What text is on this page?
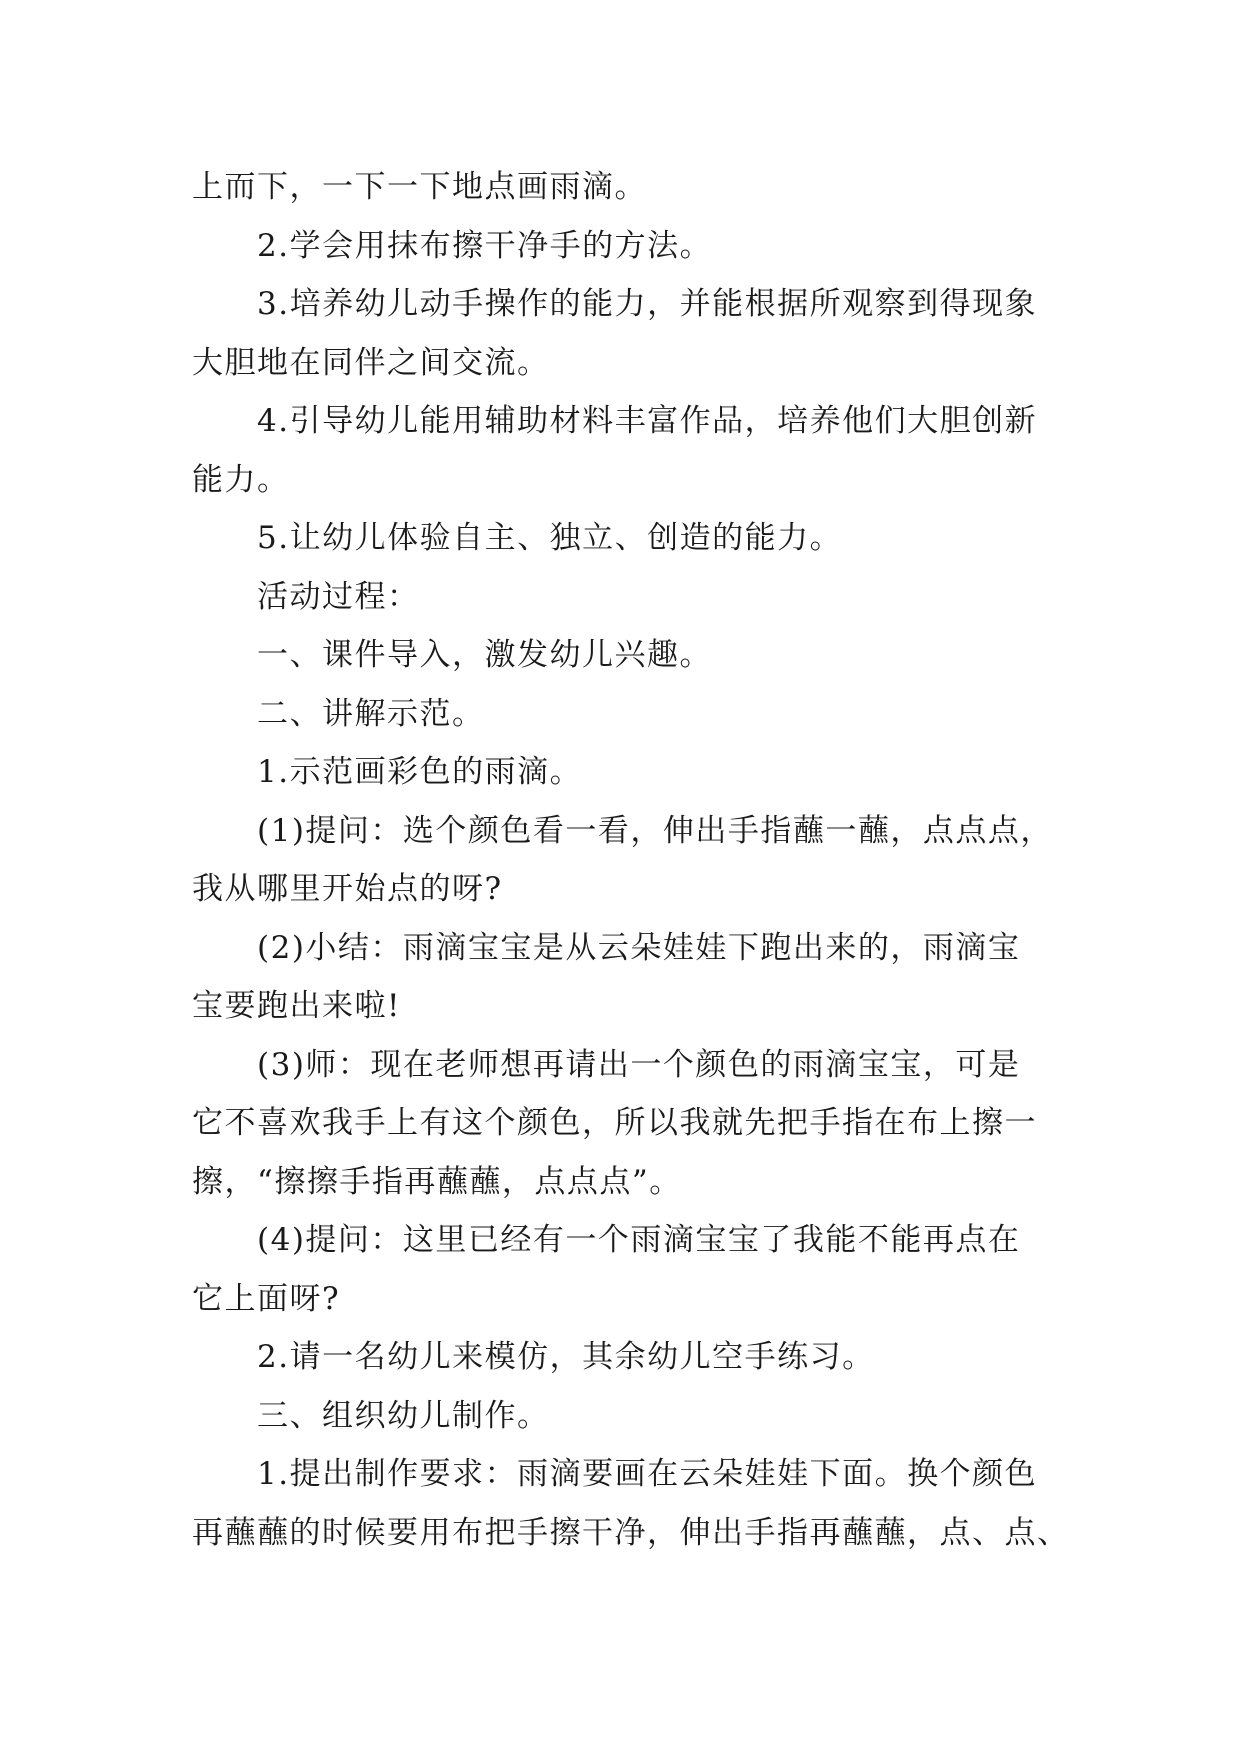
上而下，一下一下地点画雨滴。
2.学会用抹布擦干净手的方法。
3.培养幼儿动手操作的能力，并能根据所观察到得现象
大胆地在同伴之间交流。
4.引导幼儿能用辅助材料丰富作品，培养他们大胆创新
能力。
5.让幼儿体验自主、独立、创造的能力。
活动过程：
一、课件导入，激发幼儿兴趣。
二、讲解示范。
1.示范画彩色的雨滴。
(1)提问：选个颜色看一看，伸出手指蘸一蘸，点点点，
我从哪里开始点的呀?
(2)小结：雨滴宝宝是从云朵娃娃下跑出来的，雨滴宝
宝要跑出来啦!
(3)师：现在老师想再请出一个颜色的雨滴宝宝，可是
它不喜欢我手上有这个颜色，所以我就先把手指在布上擦一
擦，“擦擦手指再蘸蘸，点点点”。
(4)提问：这里已经有一个雨滴宝宝了我能不能再点在
它上面呀?
2.请一名幼儿来模仿，其余幼儿空手练习。
三、组织幼儿制作。
1.提出制作要求：雨滴要画在云朵娃娃下面。换个颜色
再蘸蘸的时候要用布把手擦干净，伸出手指再蘸蘸，点、点、
